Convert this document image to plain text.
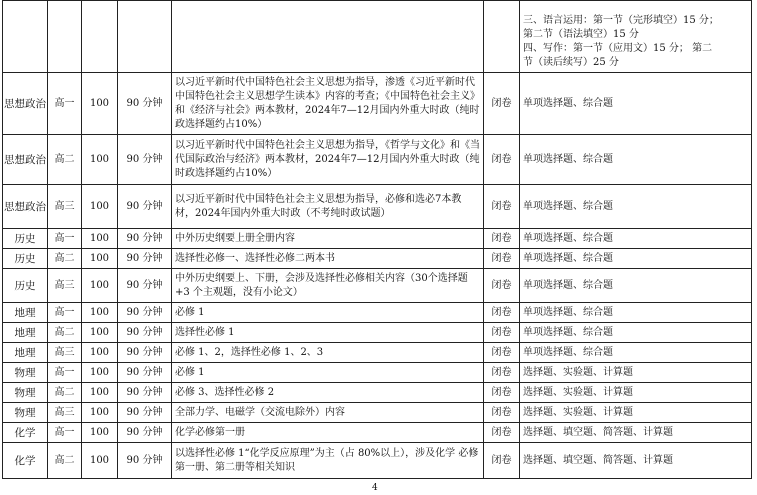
						三、语言运用：第一节（完形填空）15 分；
第二节（语法填空）15 分
四、写作：第一节（应用文）15 分； 第二
节（读后续写）25 分

思想政治	高一	100	90 分钟	以习近平新时代中国特色社会主义思想为指导，渗透《习近平新时代中国特色社会主义思想学生读本》内容的考查；《中国特色社会主义》和《经济与社会》两本教材，2024年7—12月国内外重大时政（纯时政选择题约占10%）	闭卷	单项选择题、综合题
思想政治	高二	100	90 分钟	以习近平新时代中国特色社会主义思想为指导，《哲学与文化》和《当代国际政治与经济》两本教材，2024年7—12月国内外重大时政（纯时政选择题约占10%）	闭卷	单项选择题、综合题
思想政治	高三	100	90 分钟	以习近平新时代中国特色社会主义思想为指导，必修和选必7本教材，2024年国内外重大时政（不考纯时政试题）	闭卷	单项选择题、综合题
历史	高一	100	90 分钟	中外历史纲要上册全册内容	闭卷	单项选择题、综合题
历史	高二	100	90 分钟	选择性必修一、选择性必修二两本书	闭卷	单项选择题、综合题
历史	高三	100	90 分钟	中外历史纲要上、下册，会涉及选择性必修相关内容（30个选择题 +3 个主观题，没有小论文）	闭卷	单项选择题、综合题
地理	高一	100	90 分钟	必修 1	闭卷	单项选择题、综合题
地理	高二	100	90 分钟	选择性必修 1	闭卷	单项选择题、综合题
地理	高三	100	90 分钟	必修 1、2，选择性必修 1、2、3	闭卷	单项选择题、综合题
物理	高一	100	90 分钟	必修 1	闭卷	选择题、实验题、计算题
物理	高二	100	90 分钟	必修 3、选择性必修 2	闭卷	选择题、实验题、计算题
物理	高三	100	90 分钟	全部力学、电磁学（交流电除外）内容	闭卷	选择题、实验题、计算题
化学	高一	100	90 分钟	化学必修第一册	闭卷	选择题、填空题、简答题、计算题
化学	高二	100	90 分钟	以选择性必修 1“化学反应原理”为主（占 80%以上），涉及化学 必修第一册、第二册等相关知识	闭卷	选择题、填空题、简答题、计算题
4
